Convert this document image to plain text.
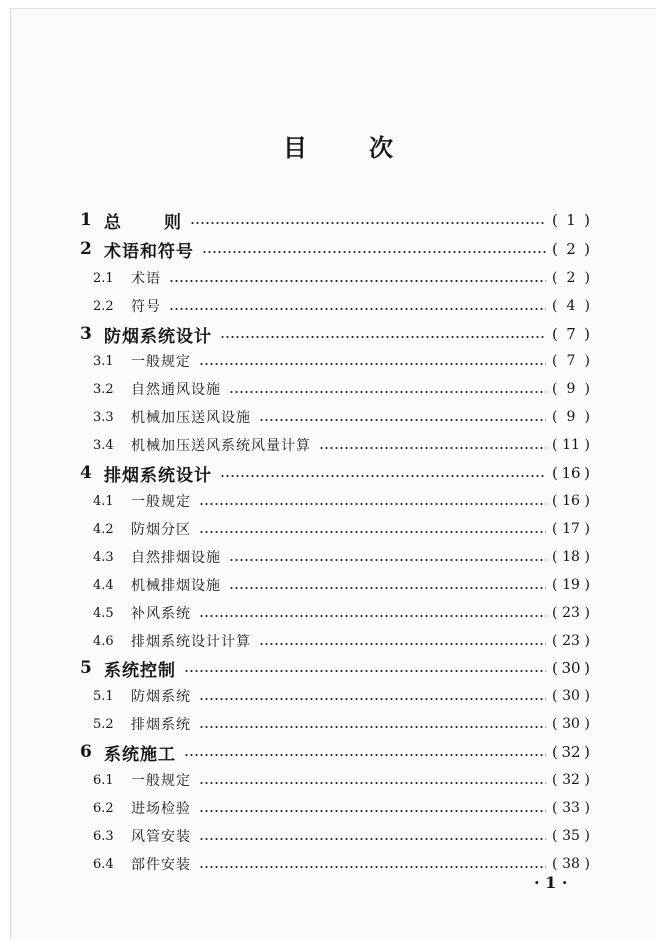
目	次
1 总 则	( 1 )
2 术语和符号	( 2 )
2.1	术语	( 2 )
2.2	符号	( 4 )
3 防烟系统设计	( 7 )
3.1	一般规定	( 7 )
3.2	自然通风设施	( 9 )
3.3	机械加压送风设施	( 9 )
3.4	机械加压送风系统风量计算	( 11 )
4 排烟系统设计	( 16 )
4.1	一般规定	( 16 )
4.2	防烟分区	( 17 )
4.3	自然排烟设施	( 18 )
4.4	机械排烟设施	( 19 )
4.5	补风系统	( 23 )
4.6	排烟系统设计计算	( 23 )
5 系统控制	( 30 )
5.1	防烟系统	( 30 )
5.2	排烟系统	( 30 )
6 系统施工	( 32 )
6.1	一般规定	( 32 )
6.2	进场检验	( 33 )
6.3	风管安装	( 35 )
6.4	部件安装	( 38 )
· 1 ·
